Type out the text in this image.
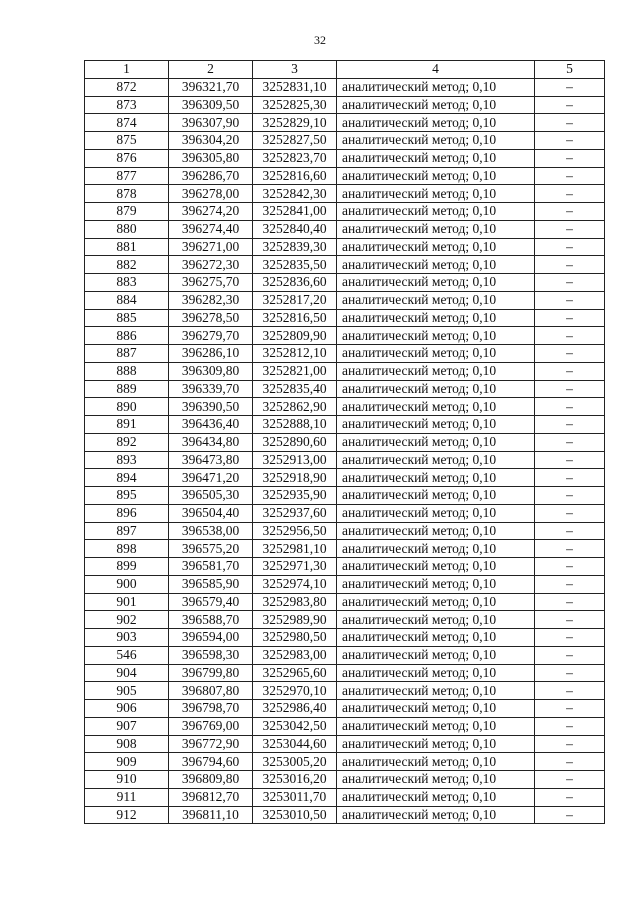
32
1	2	3	4	5
872	396321,70	3252831,10	аналитический метод; 0,10	–
873	396309,50	3252825,30	аналитический метод; 0,10	–
874	396307,90	3252829,10	аналитический метод; 0,10	–
875	396304,20	3252827,50	аналитический метод; 0,10	–
876	396305,80	3252823,70	аналитический метод; 0,10	–
877	396286,70	3252816,60	аналитический метод; 0,10	–
878	396278,00	3252842,30	аналитический метод; 0,10	–
879	396274,20	3252841,00	аналитический метод; 0,10	–
880	396274,40	3252840,40	аналитический метод; 0,10	–
881	396271,00	3252839,30	аналитический метод; 0,10	–
882	396272,30	3252835,50	аналитический метод; 0,10	–
883	396275,70	3252836,60	аналитический метод; 0,10	–
884	396282,30	3252817,20	аналитический метод; 0,10	–
885	396278,50	3252816,50	аналитический метод; 0,10	–
886	396279,70	3252809,90	аналитический метод; 0,10	–
887	396286,10	3252812,10	аналитический метод; 0,10	–
888	396309,80	3252821,00	аналитический метод; 0,10	–
889	396339,70	3252835,40	аналитический метод; 0,10	–
890	396390,50	3252862,90	аналитический метод; 0,10	–
891	396436,40	3252888,10	аналитический метод; 0,10	–
892	396434,80	3252890,60	аналитический метод; 0,10	–
893	396473,80	3252913,00	аналитический метод; 0,10	–
894	396471,20	3252918,90	аналитический метод; 0,10	–
895	396505,30	3252935,90	аналитический метод; 0,10	–
896	396504,40	3252937,60	аналитический метод; 0,10	–
897	396538,00	3252956,50	аналитический метод; 0,10	–
898	396575,20	3252981,10	аналитический метод; 0,10	–
899	396581,70	3252971,30	аналитический метод; 0,10	–
900	396585,90	3252974,10	аналитический метод; 0,10	–
901	396579,40	3252983,80	аналитический метод; 0,10	–
902	396588,70	3252989,90	аналитический метод; 0,10	–
903	396594,00	3252980,50	аналитический метод; 0,10	–
546	396598,30	3252983,00	аналитический метод; 0,10	–
904	396799,80	3252965,60	аналитический метод; 0,10	–
905	396807,80	3252970,10	аналитический метод; 0,10	–
906	396798,70	3252986,40	аналитический метод; 0,10	–
907	396769,00	3253042,50	аналитический метод; 0,10	–
908	396772,90	3253044,60	аналитический метод; 0,10	–
909	396794,60	3253005,20	аналитический метод; 0,10	–
910	396809,80	3253016,20	аналитический метод; 0,10	–
911	396812,70	3253011,70	аналитический метод; 0,10	–
912	396811,10	3253010,50	аналитический метод; 0,10	–
